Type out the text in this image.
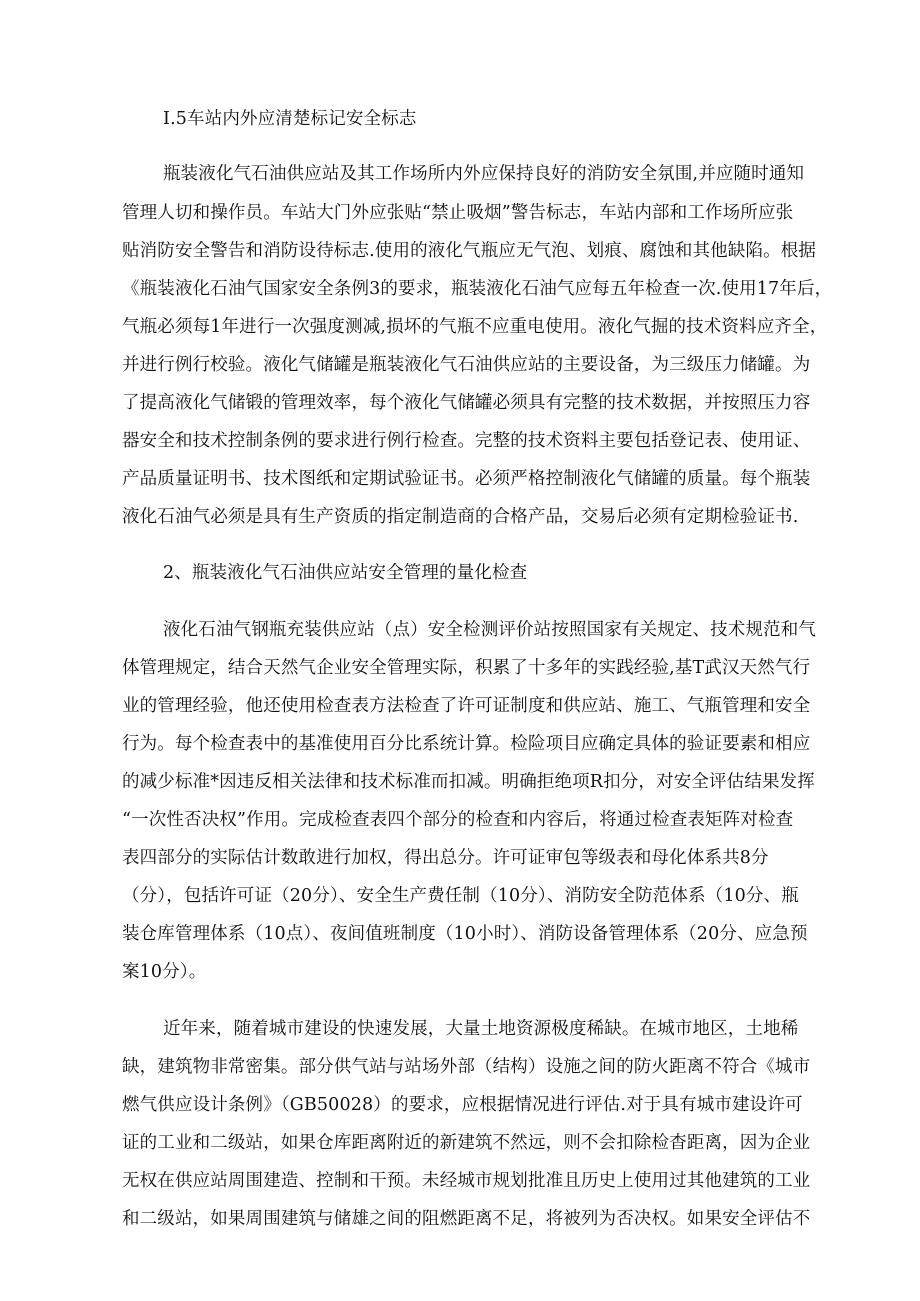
I.5车站内外应清楚标记安全标志

瓶装液化气石油供应站及其工作场所内外应保持良好的消防安全氛围,并应随时通知

管理人切和操作员。车站大门外应张贴“禁止吸烟”警告标志，车站内部和工作场所应张

贴消防安全警告和消防设待标志.使用的液化气瓶应无气泡、划痕、腐蚀和其他缺陷。根据

《瓶装液化石油气国家安全条例3的要求，瓶装液化石油气应每五年检查一次.使用17年后，

气瓶必须每1年进行一次强度测减,损坏的气瓶不应重电使用。液化气掘的技术资料应齐全，

并进行例行校验。液化气储罐是瓶装液化气石油供应站的主要设备，为三级压力储罐。为

了提高液化气储锻的管理效率，每个液化气储罐必须具有完整的技术数据，并按照压力容

器安全和技术控制条例的要求进行例行检查。完整的技术资料主要包括登记表、使用证、

产品质量证明书、技术图纸和定期试验证书。必须严格控制液化气储罐的质量。每个瓶装

液化石油气必须是具有生产资质的指定制造商的合格产品，交易后必须有定期检验证书.

2、瓶装液化气石油供应站安全管理的量化检查

液化石油气钢瓶充装供应站（点）安全检测评价站按照国家有关规定、技术规范和气

体管理规定，结合天然气企业安全管理实际，积累了十多年的实践经验,基T武汉天然气行

业的管理经验，他还使用检查表方法检查了许可证制度和供应站、施工、气瓶管理和安全

行为。每个检查表中的基准使用百分比系统计算。检险项目应确定具体的验证要素和相应

的减少标准*因违反相关法律和技术标准而扣减。明确拒绝项R扣分，对安全评估结果发挥

“一次性否决权”作用。完成检查表四个部分的检查和内容后，将通过检查表矩阵对检查

表四部分的实际估计数敢进行加权，得出总分。许可证审包等级表和母化体系共8分

（分），包括许可证（20分）、安全生产费任制（10分）、消防安全防范体系（10分、瓶

装仓库管理体系（10点）、夜间值班制度（10小时）、消防设备管理体系（20分、应急预

案10分）。

近年来，随着城市建设的快速发展，大量土地资源极度稀缺。在城市地区，土地稀

缺，建筑物非常密集。部分供气站与站场外部（结构）设施之间的防火距离不符合《城市

燃气供应设计条例》（GB50028）的要求，应根据情况进行评估.对于具有城市建设许可

证的工业和二级站，如果仓库距离附近的新建筑不然远，则不会扣除检杳距离，因为企业

无权在供应站周围建造、控制和干预。未经城市规划批准且历史上使用过其他建筑的工业

和二级站，如果周围建筑与储雄之间的阻燃距离不足，将被列为否决权。如果安全评估不
